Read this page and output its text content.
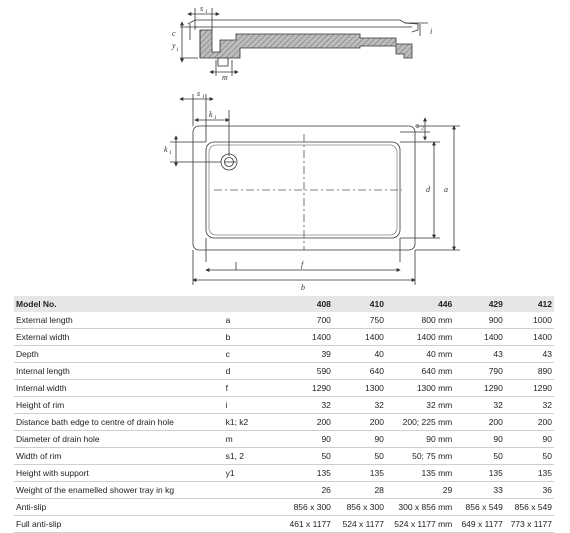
s 1
c
y 1
m
i
s 1
k 1
k 1
s 2
d a
f
b
Model No.		408	410	446	429	412
External length	a	700	750	800 mm	900	1000
External width	b	1400	1400	1400 mm	1400	1400
Depth	c	39	40	40 mm	43	43
Internal length	d	590	640	640 mm	790	890
Internal width	f	1290	1300	1300 mm	1290	1290
Height of rim	i	32	32	32 mm	32	32
Distance bath edge to centre of drain hole	k1; k2	200	200	200; 225 mm	200	200
Diameter of drain hole	m	90	90	90 mm	90	90
Width of rim	s1, 2	50	50	50; 75 mm	50	50
Height with support	y1	135	135	135 mm	135	135
Weight of the enamelled shower tray in kg		26	28	29	33	36
Anti-slip		856 x 300	856 x 300	300 x 856 mm	856 x 549	856 x 549
Full anti-slip		461 x 1177	524 x 1177	524 x 1177 mm	649 x 1177	773 x 1177
